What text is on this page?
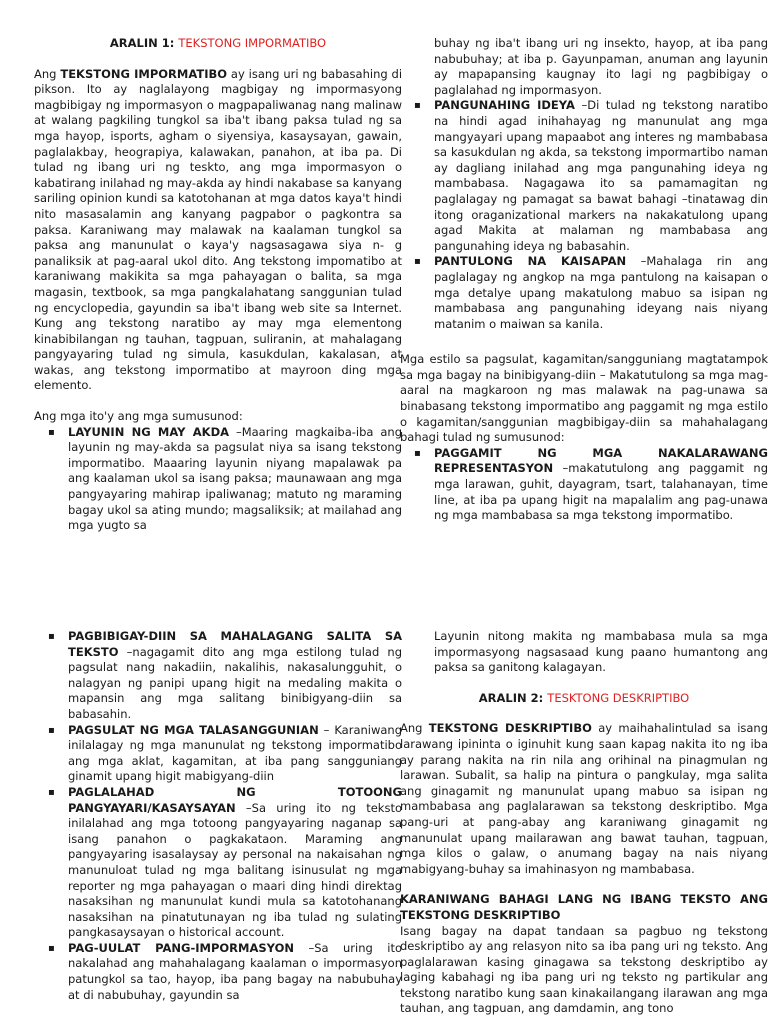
ARALIN 1: TEKSTONG IMPORMATIBO

Ang TEKSTONG IMPORMATIBO ay isang uri ng babasahing di pikson. Ito ay naglalayong magbigay ng impormasyong magbibigay ng impormasyon o magpapaliwanag nang malinaw at walang pagkiling tungkol sa iba't ibang paksa tulad ng sa mga hayop, isports, agham o siyensiya, kasaysayan, gawain, paglalakbay, heograpiya, kalawakan, panahon, at iba pa. Di tulad ng ibang uri ng teskto, ang mga impormasyon o kabatirang inilahad ng may-akda ay hindi nakabase sa kanyang sariling opinion kundi sa katotohanan at mga datos kaya't hindi nito masasalamin ang kanyang pagpabor o pagkontra sa paksa. Karaniwang may malawak na kaalaman tungkol sa paksa ang manunulat o kaya'y nagsasagawa siya n- g panaliksik at pag-aaral ukol dito. Ang tekstong impomatibo at karaniwang makikita sa mga pahayagan o balita, sa mga magasin, textbook, sa mga pangkalahatang sanggunian tulad ng encyclopedia, gayundin sa iba't ibang web site sa Internet. Kung ang tekstong naratibo ay may mga elementong kinabibilangan ng tauhan, tagpuan, suliranin, at mahalagang pangyayaring tulad ng simula, kasukdulan, kakalasan, at wakas, ang tekstong impormatibo at mayroon ding mga elemento.

Ang mga ito'y ang mga sumusunod:

▪ LAYUNIN NG MAY AKDA –Maaring magkaiba-iba ang layunin ng may-akda sa pagsulat niya sa isang tekstong impormatibo. Maaaring layunin niyang mapalawak pa ang kaalaman ukol sa isang paksa; maunawaan ang mga pangyayaring mahirap ipaliwanag; matuto ng maraming bagay ukol sa ating mundo; magsaliksik; at mailahad ang mga yugto sa

buhay ng iba't ibang uri ng insekto, hayop, at iba pang nabubuhay; at iba p. Gayunpaman, anuman ang layunin ay mapapansing kaugnay ito lagi ng pagbibigay o paglalahad ng impormasyon.

▪ PANGUNAHING IDEYA –Di tulad ng tekstong naratibo na hindi agad inihahayag ng manunulat ang mga mangyayari upang mapaabot ang interes ng mambabasa sa kasukdulan ng akda, sa tekstong impormartibo naman ay dagliang inilahad ang mga pangunahing ideya ng mambabasa. Nagagawa ito sa pamamagitan ng paglalagay ng pamagat sa bawat bahagi –tinatawag din itong oraganizational markers na nakakatulong upang agad Makita at malaman ng mambabasa ang pangunahing ideya ng babasahin.
▪ PANTULONG NA KAISAPAN –Mahalaga rin ang paglalagay ng angkop na mga pantulong na kaisapan o mga detalye upang makatulong mabuo sa isipan ng mambabasa ang pangunahing ideyang nais niyang matanim o maiwan sa kanila.

Mga estilo sa pagsulat, kagamitan/sangguniang magtatampok sa mga bagay na binibigyang-diin – Makatutulong sa mga mag-aaral na magkaroon ng mas malawak na pag-unawa sa binabasang tekstong impormatibo ang paggamit ng mga estilo o kagamitan/sanggunian magbibigay-diin sa mahahalagang bahagi tulad ng sumusunod:

▪ PAGGAMIT NG MGA NAKALARAWANG REPRESENTASYON –makatutulong ang paggamit ng mga larawan, guhit, dayagram, tsart, talahanayan, time line, at iba pa upang higit na mapalalim ang pag-unawa ng mga mambabasa sa mga tekstong impormatibo.
▪ PAGBIBIGAY-DIIN SA MAHALAGANG SALITA SA TEKSTO –nagagamit dito ang mga estilong tulad ng pagsulat nang nakadiin, nakalihis, nakasalungguhit, o nalagyan ng panipi upang higit na medaling makita o mapansin ang mga salitang binibigyang-diin sa babasahin.
▪ PAGSULAT NG MGA TALASANGGUNIAN – Karaniwang inilalagay ng mga manunulat ng tekstong impormatibo ang mga aklat, kagamitan, at iba pang sangguniang ginamit upang higit mabigyang-diin
▪ PAGLALAHAD NG TOTOONG PANGYAYARI/KASAYSAYAN –Sa uring ito ng teksto inilalahad ang mga totoong pangyayaring naganap sa isang panahon o pagkakataon. Maraming ang pangyayaring isasalaysay ay personal na nakaisahan ng manunuloat tulad ng mga balitang isinusulat ng mga reporter ng mga pahayagan o maari ding hindi direktag nasaksihan ng manunulat kundi mula sa katotohanang nasaksihan na pinatutunayan ng iba tulad ng sulating pangkasaysayan o historical account.
▪ PAG-UULAT PANG-IMPORMASYON –Sa uring ito nakalahad ang mahahalagang kaalaman o impormasyon patungkol sa tao, hayop, iba pang bagay na nabubuhay at di nabubuhay, gayundin sa

Layunin nitong makita ng mambabasa mula sa mga impormasyong nagsasaad kung paano humantong ang paksa sa ganitong kalagayan.

ARALIN 2: TESKTONG DESKRIPTIBO

Ang TEKSTONG DESKRIPTIBO ay maihahalintulad sa isang larawang ipininta o iginuhit kung saan kapag nakita ito ng iba ay parang nakita na rin nila ang orihinal na pinagmulan ng larawan. Subalit, sa halip na pintura o pangkulay, mga salita ang ginagamit ng manunulat upang mabuo sa isipan ng mambabasa ang paglalarawan sa tekstong deskriptibo. Mga pang-uri at pang-abay ang karaniwang ginagamit ng manunulat upang mailarawan ang bawat tauhan, tagpuan, mga kilos o galaw, o anumang bagay na nais niyang mabigyang-buhay sa imahinasyon ng mambabasa.

KARANIWANG BAHAGI LANG NG IBANG TEKSTO ANG TEKSTONG DESKRIPTIBO

Isang bagay na dapat tandaan sa pagbuo ng tekstong deskriptibo ay ang relasyon nito sa iba pang uri ng teksto. Ang paglalarawan kasing ginagawa sa tekstong deskriptibo ay laging kabahagi ng iba pang uri ng teksto ng partikular ang tekstong naratibo kung saan kinakailangang ilarawan ang mga tauhan, ang tagpuan, ang damdamin, ang tono
